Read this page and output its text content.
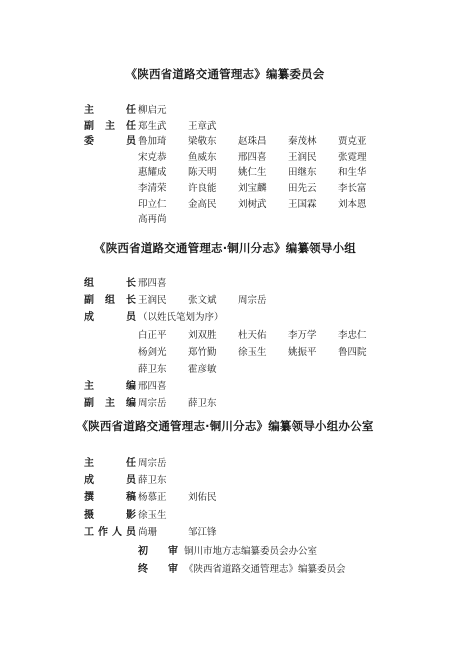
《陕西省道路交通管理志》编纂委员会
主任 柳启元
副主任 郑生武 王章武
委员 鲁加琦 梁敬东 赵珠昌 秦茂林 贾克亚
宋克恭 鱼威东 邢四喜 王润民 张霓理
惠耀成 陈天明 姚仁生 田继东 和生华
李清荣 许良能 刘宝麟 田先云 李长富
印立仁 金高民 刘树武 王国霖 刘本恩
高再尚
《陕西省道路交通管理志·铜川分志》编纂领导小组
组长 邢四喜
副组长 王润民 张文斌 周宗岳
成员 （以姓氏笔划为序）
白正平 刘双胜 杜天佑 李万学 李忠仁
杨剑光 郑竹勤 徐玉生 姚振平 鲁四院
薛卫东 霍彦敏
主编 邢四喜
副主编 周宗岳 薛卫东
《陕西省道路交通管理志·铜川分志》编纂领导小组办公室
主任 周宗岳
成员 薛卫东
撰稿 杨慕正 刘佑民
摄影 徐玉生
工作人员 尚珊	邹江锋
初审 铜川市地方志编纂委员会办公室
终审 《陕西省道路交通管理志》编纂委员会
